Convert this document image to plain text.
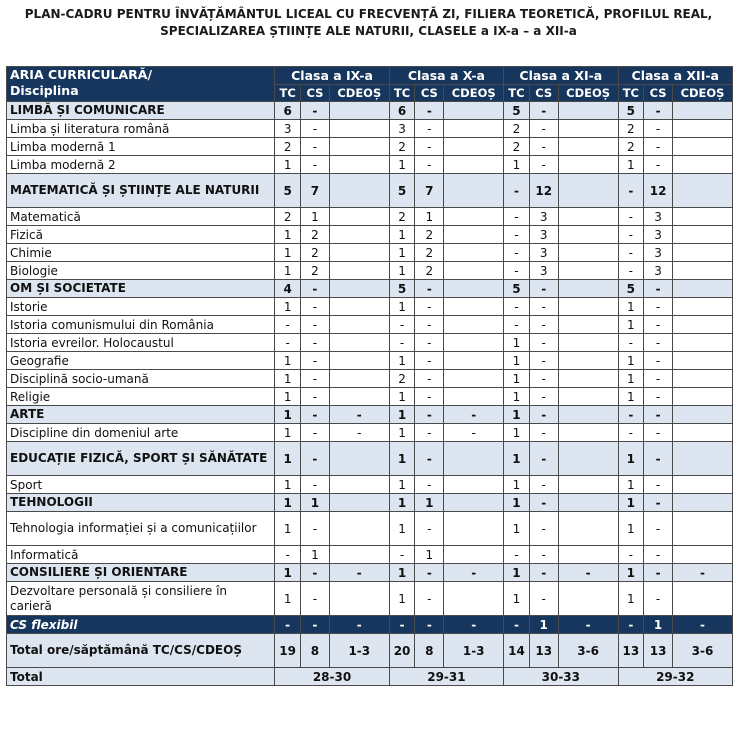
PLAN-CADRU PENTRU ÎNVĂȚĂMÂNTUL LICEAL CU FRECVENȚĂ ZI, FILIERA TEORETICĂ, PROFILUL REAL,
SPECIALIZAREA ȘTIINȚE ALE NATURII, CLASELE a IX-a – a XII-a
ARIA CURRICULARĂ/
Disciplina	Clasa a IX-a			Clasa a X-a			Clasa a XI-a			Clasa a XII-a		
	TC	CS	CDEOȘ	TC	CS	CDEOȘ	TC	CS	CDEOȘ	TC	CS	CDEOȘ
LIMBĂ ȘI COMUNICARE	6	-		6	-		5	-		5	-	
Limba și literatura română	3	-		3	-		2	-		2	-	
Limba modernă 1	2	-		2	-		2	-		2	-	
Limba modernă 2	1	-		1	-		1	-		1	-	
MATEMATICĂ ȘI ȘTIINȚE ALE NATURII	5	7		5	7		-	12		-	12	
Matematică	2	1		2	1		-	3		-	3	
Fizică	1	2		1	2		-	3		-	3	
Chimie	1	2		1	2		-	3		-	3	
Biologie	1	2		1	2		-	3		-	3	
OM ȘI SOCIETATE	4	-		5	-		5	-		5	-	
Istorie	1	-		1	-		-	-		1	-	
Istoria comunismului din România	-	-		-	-		-	-		1	-	
Istoria evreilor. Holocaustul	-	-		-	-		1	-		-	-	
Geografie	1	-		1	-		1	-		1	-	
Disciplină socio-umană	1	-		2	-		1	-		1	-	
Religie	1	-		1	-		1	-		1	-	
ARTE	1	-	-	1	-	-	1	-		-	-	
Discipline din domeniul arte	1	-	-	1	-	-	1	-		-	-	
EDUCAȚIE FIZICĂ, SPORT ȘI SĂNĂTATE	1	-		1	-		1	-		1	-	
Sport	1	-		1	-		1	-		1	-	
TEHNOLOGII	1	1		1	1		1	-		1	-	
Tehnologia informației și a comunicațiilor	1	-		1	-		1	-		1	-	
Informatică	-	1		-	1		-	-		-	-	
CONSILIERE ȘI ORIENTARE	1	-	-	1	-	-	1	-	-	1	-	-
Dezvoltare personală și consiliere în carieră	1	-		1	-		1	-		1	-	
CS flexibil	-	-	-	-	-	-	-	1	-	-	1	-
Total ore/săptămână TC/CS/CDEOȘ	19	8	1-3	20	8	1-3	14	13	3-6	13	13	3-6
Total	28-30			29-31			30-33			29-32		
